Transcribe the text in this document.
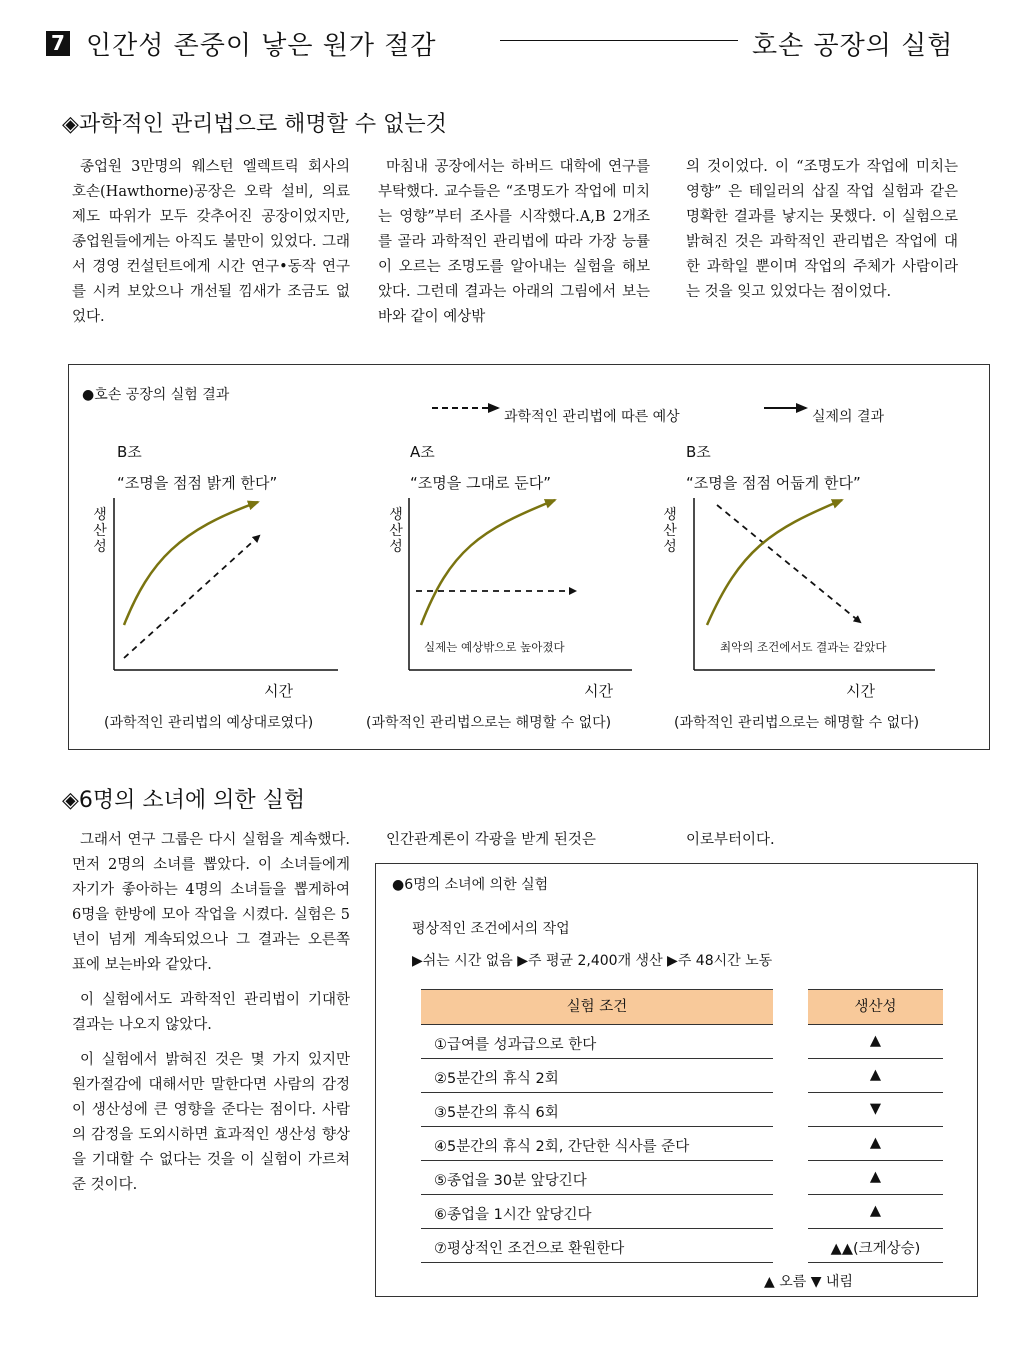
7 인간성 존중이 낳은 원가 절감	호손 공장의 실험
◈과학적인 관리법으로 해명할 수 없는것
종업원 3만명의 웨스턴 엘렉트릭 회사의 호손(Hawthorne)공장은 오락 설비, 의료 제도 따위가 모두 갖추어진 공장이었지만, 종업원들에게는 아직도 불만이 있었다. 그래서 경영 컨설턴트에게 시간 연구•동작 연구를 시켜 보았으나 개선될 낌새가 조금도 없었다.
마침내 공장에서는 하버드 대학에 연구를 부탁했다. 교수들은 “조명도가 작업에 미치는 영향”부터 조사를 시작했다.A,B 2개조를 골라 과학적인 관리법에 따라 가장 능률이 오르는 조명도를 알아내는 실험을 해보았다. 그런데 결과는 아래의 그림에서 보는 바와 같이 예상밖
의 것이었다. 이 “조명도가 작업에 미치는 영향” 은 테일러의 삽질 작업 실험과 같은 명확한 결과를 낳지는 못했다. 이 실험으로 밝혀진 것은 과학적인 관리법은 작업에 대한 과학일 뿐이며 작업의 주체가 사람이라는 것을 잊고 있었다는 점이었다.
●호손 공장의 실험 결과
과학적인 관리법에 따른 예상	실제의 결과
B조
“조명을 점점 밝게 한다”
생산성
시간
(과학적인 관리법의 예상대로였다)
A조
“조명을 그대로 둔다”
생산성
실제는 예상밖으로 높아졌다
시간
(과학적인 관리법으로는 해명할 수 없다)
B조
“조명을 점점 어둡게 한다”
생산성
최악의 조건에서도 결과는 같았다
시간
(과학적인 관리법으로는 해명할 수 없다)
◈6명의 소녀에 의한 실험

그래서 연구 그룹은 다시 실험을 계속했다. 먼저 2명의 소녀를 뽑았다. 이 소녀들에게 자기가 좋아하는 4명의 소녀들을 뽑게하여 6명을 한방에 모아 작업을 시켰다. 실험은 5년이 넘게 계속되었으나 그 결과는 오른쪽 표에 보는바와 같았다.

이 실험에서도 과학적인 관리법이 기대한 결과는 나오지 않았다.

이 실험에서 밝혀진 것은 몇 가지 있지만 원가절감에 대해서만 말한다면 사람의 감정이 생산성에 큰 영향을 준다는 점이다. 사람의 감정을 도외시하면 효과적인 생산성 향상을 기대할 수 없다는 것을 이 실험이 가르쳐 준 것이다.

인간관계론이 각광을 받게 된것은	이로부터이다.
●6명의 소녀에 의한 실험
평상적인 조건에서의 작업
▶쉬는 시간 없음 ▶주 평균 2,400개 생산 ▶주 48시간 노동
실험 조건	생산성
①급여를 성과급으로 한다	▲
②5분간의 휴식 2회	▲
③5분간의 휴식 6회	▼
④5분간의 휴식 2회, 간단한 식사를 준다	▲
⑤종업을 30분 앞당긴다	▲
⑥종업을 1시간 앞당긴다	▲
⑦평상적인 조건으로 환원한다	▲▲(크게상승)
▲ 오름 ▼ 내림
